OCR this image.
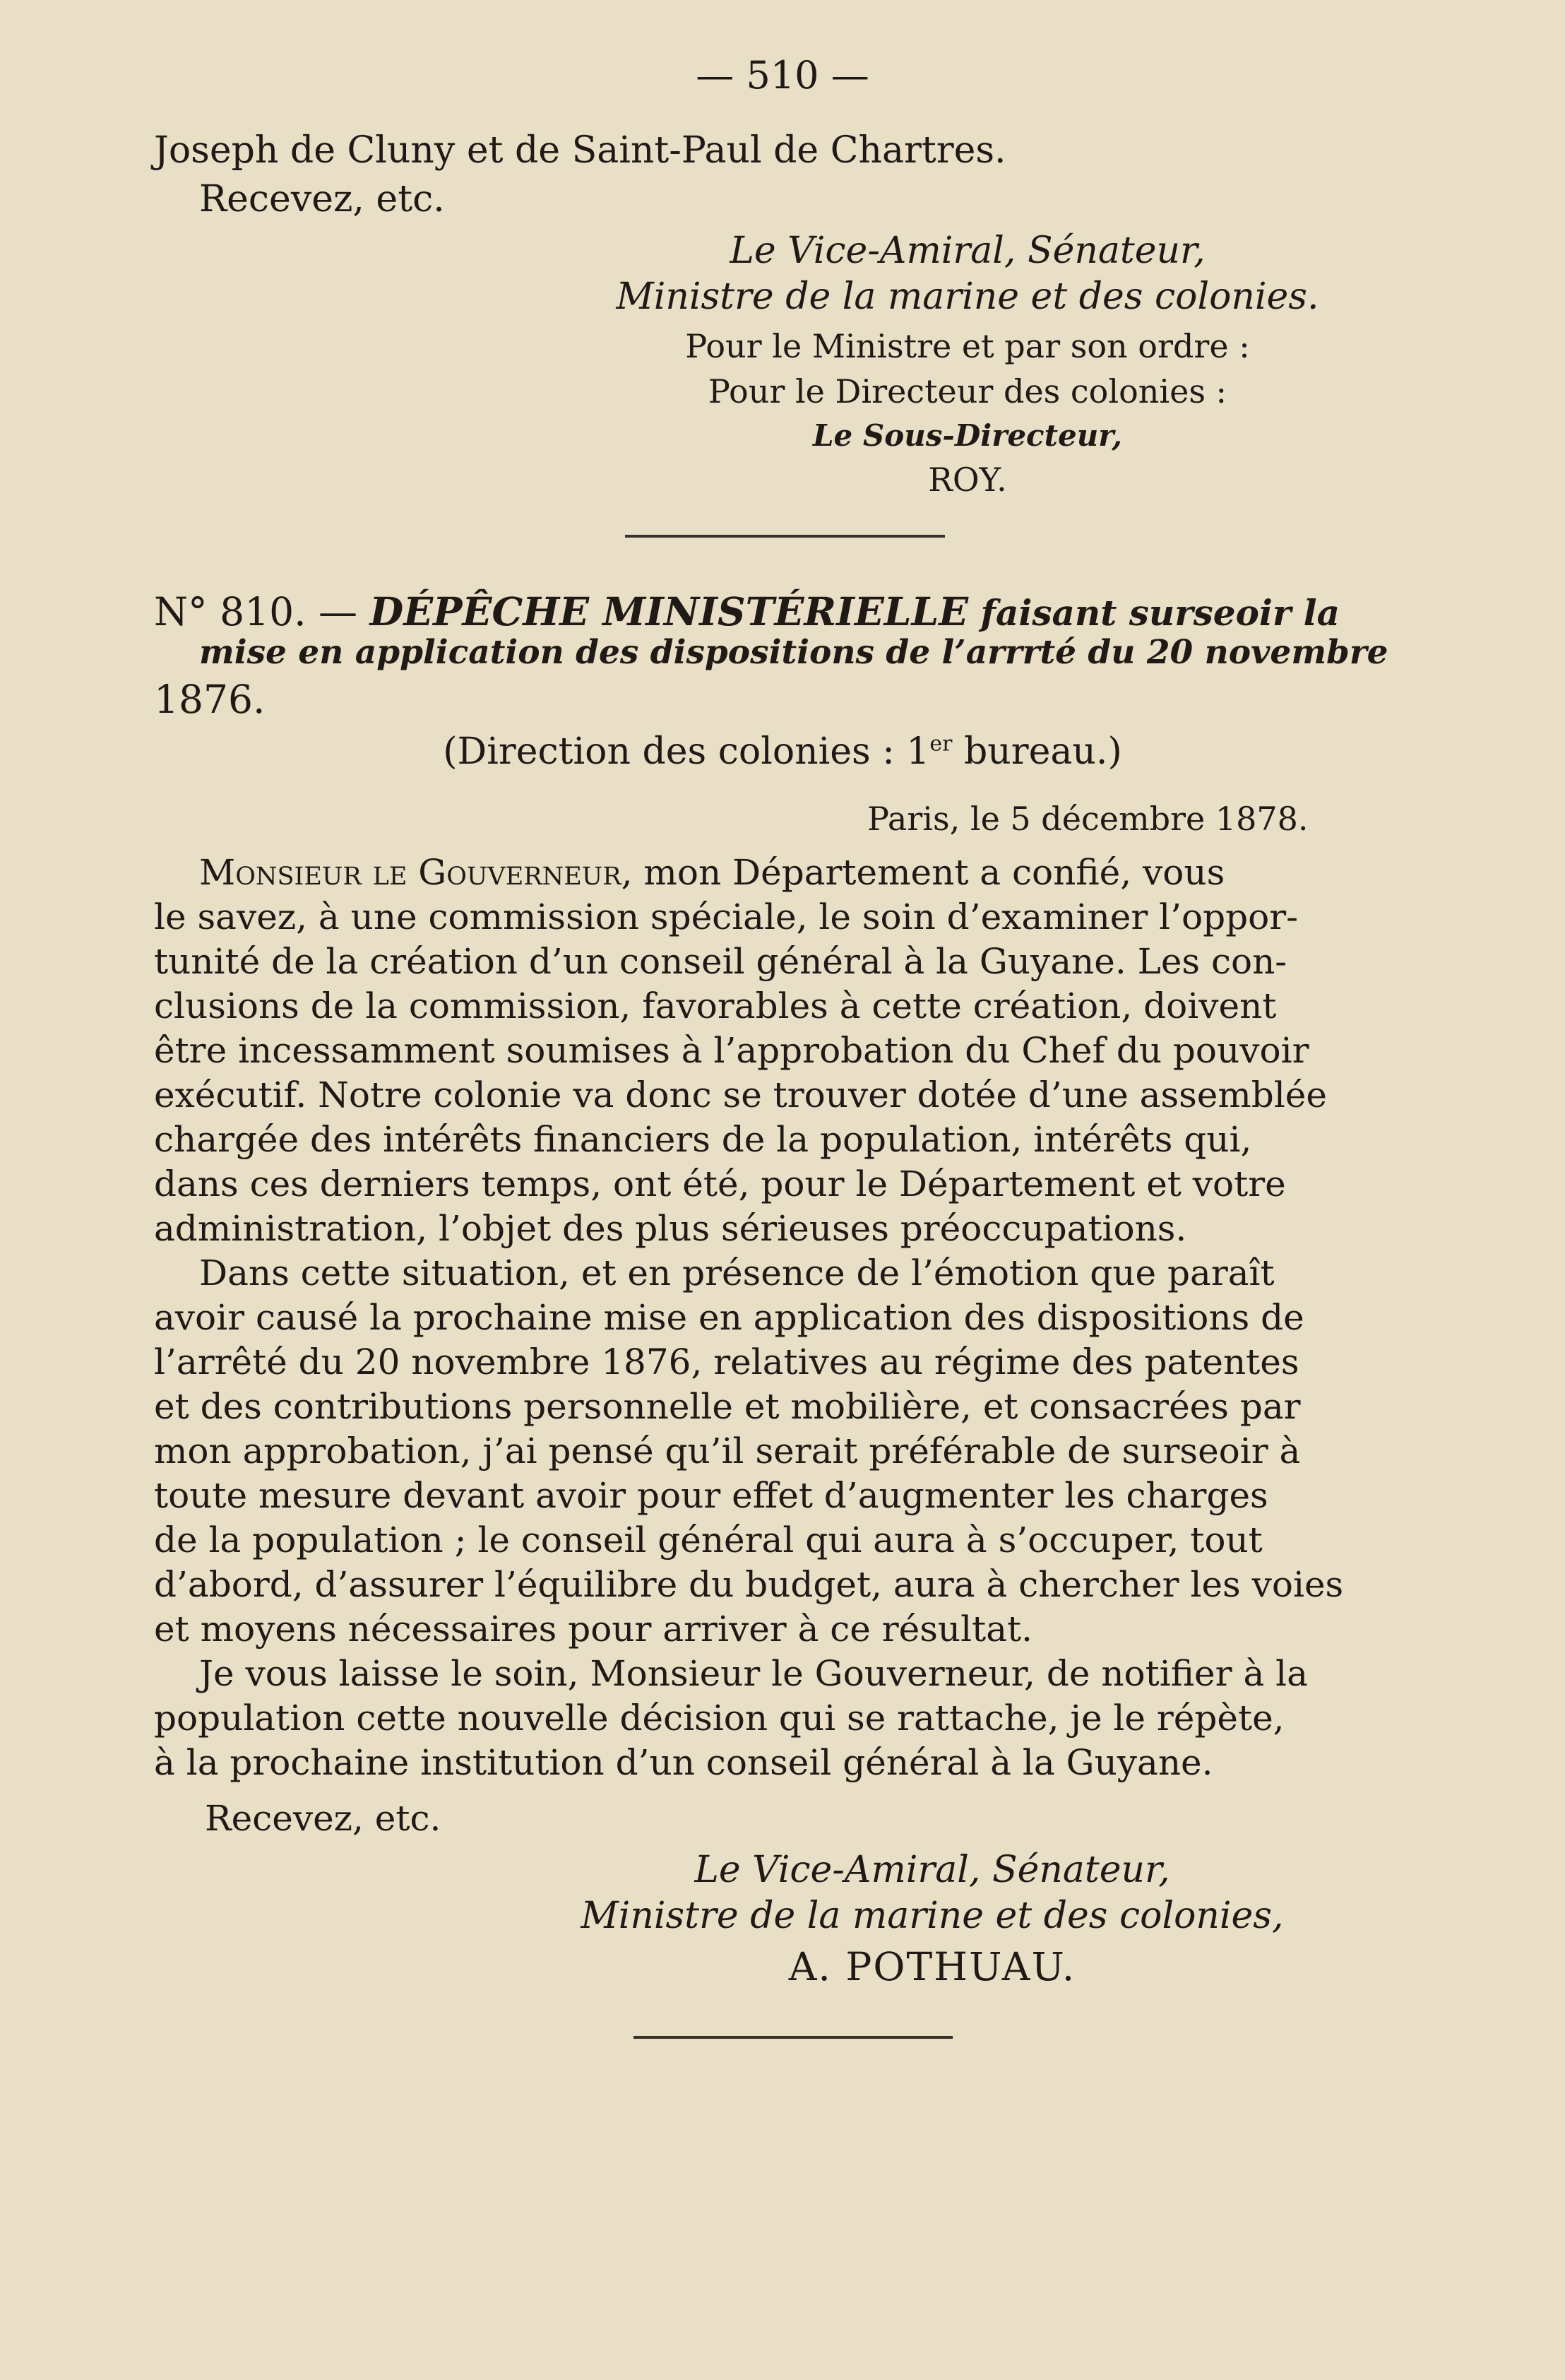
— 510 —
Joseph de Cluny et de Saint-Paul de Chartres.
Recevez, etc.
Le Vice-Amiral, Sénateur,
Ministre de la marine et des colonies.
Pour le Ministre et par son ordre :
Pour le Directeur des colonies :
Le Sous-Directeur,
ROY.
N° 810. — DÉPÊCHE MINISTÉRIELLE faisant surseoir la
mise en application des dispositions de l’arrrté du 20 novembre
1876.
(Direction des colonies : 1er bureau.)
Paris, le 5 décembre 1878.
Monsieur le Gouverneur, mon Département a confié, vous
le savez, à une commission spéciale, le soin d’examiner l’oppor-
tunité de la création d’un conseil général à la Guyane. Les con-
clusions de la commission, favorables à cette création, doivent
être incessamment soumises à l’approbation du Chef du pouvoir
exécutif. Notre colonie va donc se trouver dotée d’une assemblée
chargée des intérêts financiers de la population, intérêts qui,
dans ces derniers temps, ont été, pour le Département et votre
administration, l’objet des plus sérieuses préoccupations.
Dans cette situation, et en présence de l’émotion que paraît
avoir causé la prochaine mise en application des dispositions de
l’arrêté du 20 novembre 1876, relatives au régime des patentes
et des contributions personnelle et mobilière, et consacrées par
mon approbation, j’ai pensé qu’il serait préférable de surseoir à
toute mesure devant avoir pour effet d’augmenter les charges
de la population ; le conseil général qui aura à s’occuper, tout
d’abord, d’assurer l’équilibre du budget, aura à chercher les voies
et moyens nécessaires pour arriver à ce résultat.
Je vous laisse le soin, Monsieur le Gouverneur, de notifier à la
population cette nouvelle décision qui se rattache, je le répète,
à la prochaine institution d’un conseil général à la Guyane.
Recevez, etc.
Le Vice-Amiral, Sénateur,
Ministre de la marine et des colonies,
A. POTHUAU.
